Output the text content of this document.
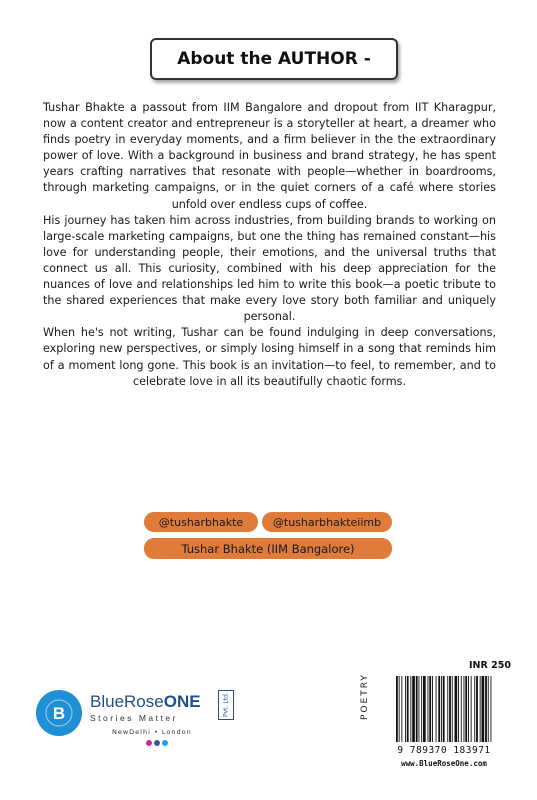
About the AUTHOR -

Tushar Bhakte a passout from IIM Bangalore and dropout from IIT Kharagpur, now a content creator and entrepreneur is a storyteller at heart, a dreamer who finds poetry in everyday moments, and a firm believer in the the extraordinary power of love. With a background in business and brand strategy, he has spent years crafting narratives that resonate with people—whether in boardrooms, through marketing campaigns, or in the quiet corners of a café where stories unfold over endless cups of coffee.

His journey has taken him across industries, from building brands to working on large-scale marketing campaigns, but one the thing has remained constant—his love for understanding people, their emotions, and the universal truths that connect us all. This curiosity, combined with his deep appreciation for the nuances of love and relationships led him to write this book—a poetic tribute to the shared experiences that make every love story both familiar and uniquely personal.

When he's not writing, Tushar can be found indulging in deep conversations, exploring new perspectives, or simply losing himself in a song that reminds him of a moment long gone. This book is an invitation—to feel, to remember, and to celebrate love in all its beautifully chaotic forms.

@tusharbhakte	@tusharbhakteiimb
Tushar Bhakte (IIM Bangalore)
B
BlueRoseONE	Pvt. Ltd.
Stories Matter
NewDelhi • London
INR 250
POETRY
9 789370 183971
www.BlueRoseOne.com
